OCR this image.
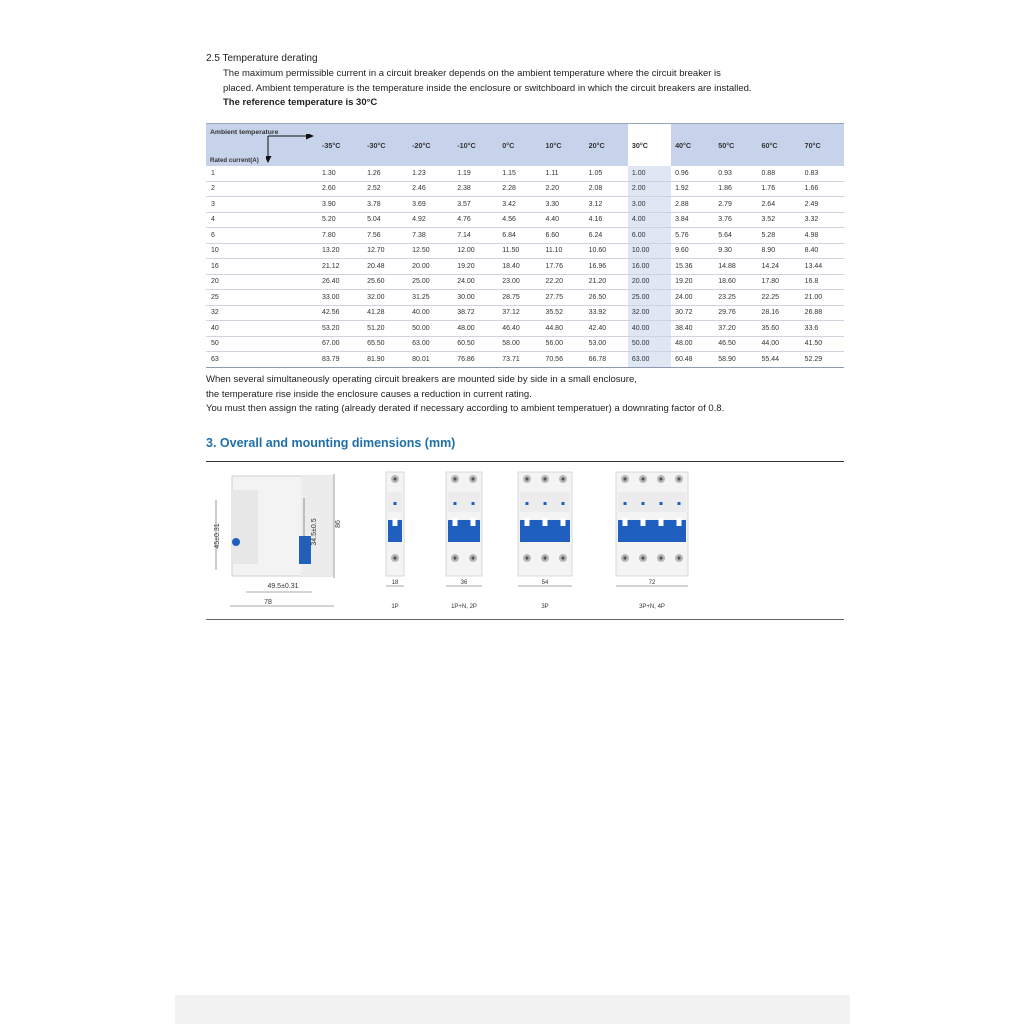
2.5 Temperature derating
The maximum permissible current in a circuit breaker depends on the ambient temperature where the circuit breaker is
placed. Ambient temperature is the temperature inside the enclosure or switchboard in which the circuit breakers are installed.
The reference temperature is 30°C
Ambient temperature
Rated current(A)	-35°C	-30°C	-20°C	-10°C	0°C	10°C	20°C	30°C	40°C	50°C	60°C	70°C
1	1.30	1.26	1.23	1.19	1.15	1.11	1.05	1.00	0.96	0.93	0.88	0.83
2	2.60	2.52	2.46	2.38	2.28	2.20	2.08	2.00	1.92	1.86	1.76	1.66
3	3.90	3.78	3.69	3.57	3.42	3.30	3.12	3.00	2.88	2.79	2.64	2.49
4	5.20	5.04	4.92	4.76	4.56	4.40	4.16	4.00	3.84	3.76	3.52	3.32
6	7.80	7.56	7.38	7.14	6.84	6.60	6.24	6.00	5.76	5.64	5.28	4.98
10	13.20	12.70	12.50	12.00	11.50	11.10	10.60	10.00	9.60	9.30	8.90	8.40
16	21.12	20.48	20.00	19.20	18.40	17.76	16.96	16.00	15.36	14.88	14.24	13.44
20	26.40	25.60	25.00	24.00	23.00	22.20	21.20	20.00	19.20	18.60	17.80	16.8
25	33.00	32.00	31.25	30.00	28.75	27.75	26.50	25.00	24.00	23.25	22.25	21.00
32	42.56	41.28	40.00	38.72	37.12	35.52	33.92	32.00	30.72	29.76	28.16	26.88
40	53.20	51.20	50.00	48.00	46.40	44.80	42.40	40.00	38.40	37.20	35.60	33.6
50	67.00	65.50	63.00	60.50	58.00	56.00	53.00	50.00	48.00	46.50	44.00	41.50
63	83.79	81.90	80.01	76.86	73.71	70.56	66.78	63.00	60.48	58.90	55.44	52.29
When several simultaneously operating circuit breakers are mounted side by side in a small enclosure,
the temperature rise inside the enclosure causes a reduction in current rating.
You must then assign the rating (already derated if necessary according to ambient temperatuer) a downrating factor of 0.8.
3. Overall and mounting dimensions (mm)
45±0.31	34.5±0.5 86
49.5±0.31
78
18
1P
36
1P+N, 2P
54
3P
72
3P+N, 4P
